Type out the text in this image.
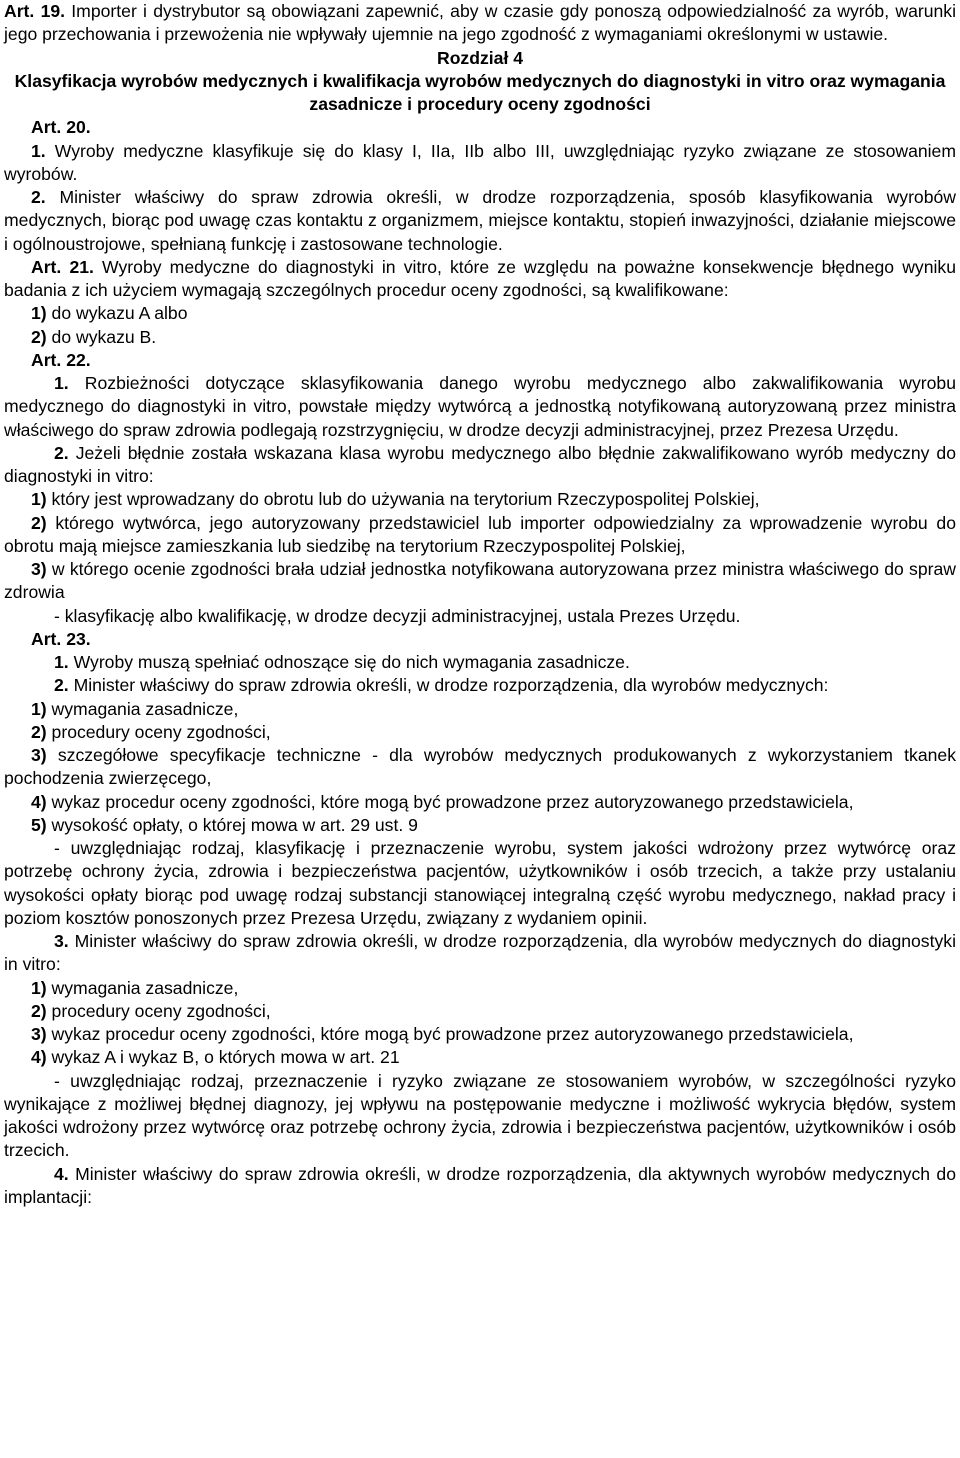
Art. 19. Importer i dystrybutor są obowiązani zapewnić, aby w czasie gdy ponoszą odpowiedzialność za wyrób, warunki jego przechowania i przewożenia nie wpływały ujemnie na jego zgodność z wymaganiami określonymi w ustawie.

Rozdział 4

Klasyfikacja wyrobów medycznych i kwalifikacja wyrobów medycznych do diagnostyki in vitro oraz wymagania zasadnicze i procedury oceny zgodności

Art. 20.

1. Wyroby medyczne klasyfikuje się do klasy I, IIa, IIb albo III, uwzględniając ryzyko związane ze stosowaniem wyrobów.

2. Minister właściwy do spraw zdrowia określi, w drodze rozporządzenia, sposób klasyfikowania wyrobów medycznych, biorąc pod uwagę czas kontaktu z organizmem, miejsce kontaktu, stopień inwazyjności, działanie miejscowe i ogólnoustrojowe, spełnianą funkcję i zastosowane technologie.

Art. 21. Wyroby medyczne do diagnostyki in vitro, które ze względu na poważne konsekwencje błędnego wyniku badania z ich użyciem wymagają szczególnych procedur oceny zgodności, są kwalifikowane:

1) do wykazu A albo

2) do wykazu B.

Art. 22.

1. Rozbieżności dotyczące sklasyfikowania danego wyrobu medycznego albo zakwalifikowania wyrobu medycznego do diagnostyki in vitro, powstałe między wytwórcą a jednostką notyfikowaną autoryzowaną przez ministra właściwego do spraw zdrowia podlegają rozstrzygnięciu, w drodze decyzji administracyjnej, przez Prezesa Urzędu.

2. Jeżeli błędnie została wskazana klasa wyrobu medycznego albo błędnie zakwalifikowano wyrób medyczny do diagnostyki in vitro:

1) który jest wprowadzany do obrotu lub do używania na terytorium Rzeczypospolitej Polskiej,

2) którego wytwórca, jego autoryzowany przedstawiciel lub importer odpowiedzialny za wprowadzenie wyrobu do obrotu mają miejsce zamieszkania lub siedzibę na terytorium Rzeczypospolitej Polskiej,

3) w którego ocenie zgodności brała udział jednostka notyfikowana autoryzowana przez ministra właściwego do spraw zdrowia

- klasyfikację albo kwalifikację, w drodze decyzji administracyjnej, ustala Prezes Urzędu.

Art. 23.

1. Wyroby muszą spełniać odnoszące się do nich wymagania zasadnicze.

2. Minister właściwy do spraw zdrowia określi, w drodze rozporządzenia, dla wyrobów medycznych:

1) wymagania zasadnicze,

2) procedury oceny zgodności,

3) szczegółowe specyfikacje techniczne - dla wyrobów medycznych produkowanych z wykorzystaniem tkanek pochodzenia zwierzęcego,

4) wykaz procedur oceny zgodności, które mogą być prowadzone przez autoryzowanego przedstawiciela,

5) wysokość opłaty, o której mowa w art. 29 ust. 9

- uwzględniając rodzaj, klasyfikację i przeznaczenie wyrobu, system jakości wdrożony przez wytwórcę oraz potrzebę ochrony życia, zdrowia i bezpieczeństwa pacjentów, użytkowników i osób trzecich, a także przy ustalaniu wysokości opłaty biorąc pod uwagę rodzaj substancji stanowiącej integralną część wyrobu medycznego, nakład pracy i poziom kosztów ponoszonych przez Prezesa Urzędu, związany z wydaniem opinii.

3. Minister właściwy do spraw zdrowia określi, w drodze rozporządzenia, dla wyrobów medycznych do diagnostyki in vitro:

1) wymagania zasadnicze,

2) procedury oceny zgodności,

3) wykaz procedur oceny zgodności, które mogą być prowadzone przez autoryzowanego przedstawiciela,

4) wykaz A i wykaz B, o których mowa w art. 21

- uwzględniając rodzaj, przeznaczenie i ryzyko związane ze stosowaniem wyrobów, w szczególności ryzyko wynikające z możliwej błędnej diagnozy, jej wpływu na postępowanie medyczne i możliwość wykrycia błędów, system jakości wdrożony przez wytwórcę oraz potrzebę ochrony życia, zdrowia i bezpieczeństwa pacjentów, użytkowników i osób trzecich.

4. Minister właściwy do spraw zdrowia określi, w drodze rozporządzenia, dla aktywnych wyrobów medycznych do implantacji:
